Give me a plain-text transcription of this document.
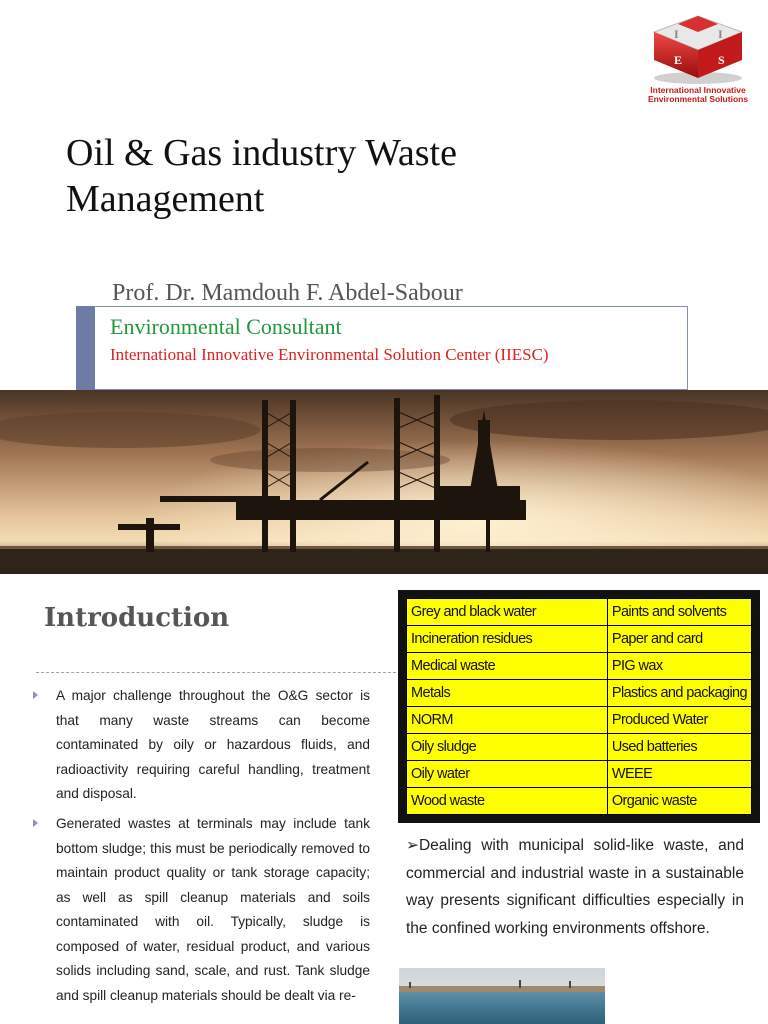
I	I
E	S
International Innovative
Environmental Solutions
Oil & Gas industry Waste Management
Prof. Dr. Mamdouh F. Abdel-Sabour
Environmental Consultant
International Innovative Environmental Solution Center (IIESC)
Introduction

A major challenge throughout the O&G sector is that many waste streams can become contaminated by oily or hazardous fluids, and radioactivity requiring careful handling, treatment and disposal.

Generated wastes at terminals may include tank bottom sludge; this must be periodically removed to maintain product quality or tank storage capacity; as well as spill cleanup materials and soils contaminated with oil. Typically, sludge is composed of water, residual product, and various solids including sand, scale, and rust. Tank sludge and spill cleanup materials should be dealt via re-

Grey and black water	Paints and solvents
Incineration residues	Paper and card
Medical waste	PIG wax
Metals	Plastics and packaging
NORM	Produced Water
Oily sludge	Used batteries
Oily water	WEEE
Wood waste	Organic waste

➢Dealing with municipal solid-like waste, and commercial and industrial waste in a sustainable way presents significant difficulties especially in the confined working environments offshore.
